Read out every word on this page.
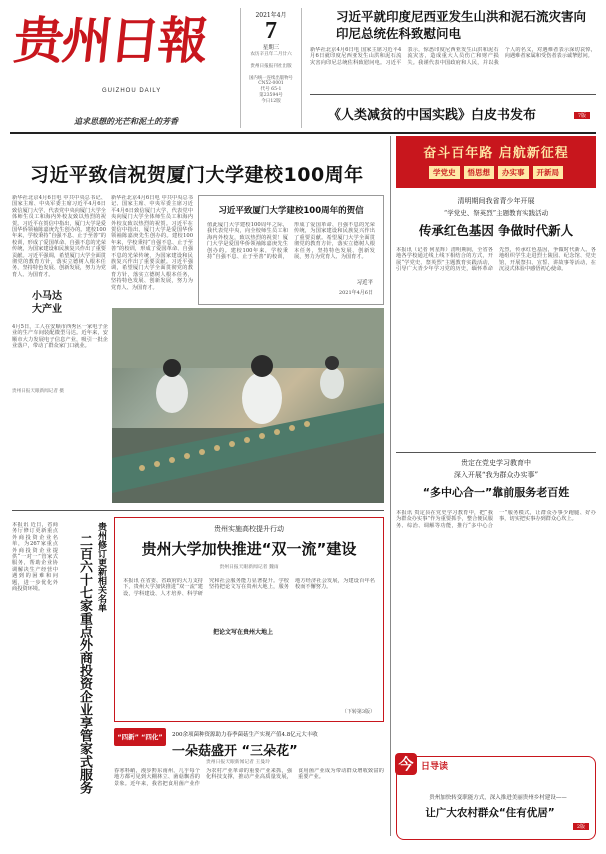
贵州日報
GUIZHOU DAILY
追求思想的光芒和泥土的芳香
2021年4月
7
星期三
农历辛丑年二月廿六
贵州日报报刊社出版
国内统一连续出版物号 CN52-0001
代号 65-1
第23594号
今日12版
习近平就印度尼西亚发生山洪和泥石流灾害向印尼总统佐科致慰问电
新华社北京4月6日电 国家主席习近平4月6日就印度尼西亚发生山洪和泥石流灾害向印尼总统佐科致慰问电。习近平表示，惊悉印度尼西亚发生山洪和泥石流灾害，造成重大人员伤亡和财产损失。我谨代表中国政府和人民，并以我个人的名义，对遇难者表示深切哀悼，向遇难者家属和受伤者表示诚挚慰问。
《人类减贫的中国实践》白皮书发布	7版
习近平致信祝贺厦门大学建校100周年
新华社北京4月6日电 中共中央总书记、国家主席、中央军委主席习近平4月6日致信厦门大学，代表党中央向厦门大学全体师生员工和海内外校友致以热烈的祝贺。习近平在贺信中指出，厦门大学是爱国华侨领袖陈嘉庚先生创办的。建校100年来，学校秉持“自强不息、止于至善”的校训，形成了爱国革命、自强不息的光荣传统，为国家建设和民族复兴作出了重要贡献。习近平强调，希望厦门大学全面贯彻党的教育方针，落实立德树人根本任务，坚持特色发展、创新发展，努力为党育人、为国育才。
新华社北京4月6日电 中共中央总书记、国家主席、中央军委主席习近平4月6日致信厦门大学，代表党中央向厦门大学全体师生员工和海内外校友致以热烈的祝贺。习近平在贺信中指出，厦门大学是爱国华侨领袖陈嘉庚先生创办的。建校100年来，学校秉持“自强不息、止于至善”的校训，形成了爱国革命、自强不息的光荣传统，为国家建设和民族复兴作出了重要贡献。习近平强调，希望厦门大学全面贯彻党的教育方针，落实立德树人根本任务，坚持特色发展、创新发展，努力为党育人、为国育才。
习近平致厦门大学建校100周年的贺信
值此厦门大学建校100周年之际，我代表党中央，向全校师生员工和海内外校友，致以热烈的祝贺！厦门大学是爱国华侨领袖陈嘉庚先生创办的。建校100年来，学校秉持“自强不息、止于至善”的校训，形成了爱国革命、自强不息的光荣传统，为国家建设和民族复兴作出了重要贡献。希望厦门大学全面贯彻党的教育方针，落实立德树人根本任务，坚持特色发展、创新发展，努力为党育人、为国育才。
习近平
2021年4月6日
小马达 大产业
4月5日，工人在安顺市西秀区一家电子企业的生产车间装配微型马达。近年来，安顺市大力发展电子信息产业，吸引一批企业落户，带动了群众家门口就业。
贵州日报天眼新闻记者 摄
奋斗百年路 启航新征程
学党史	悟思想	办实事	开新局
清明期间我省青少年开展
“学党史、祭英烈”主题教育实践活动
传承红色基因 争做时代新人
本报讯（记者 何星辉）清明期间，全省各地各学校通过线上线下相结合的方式，开展“学党史、祭英烈”主题教育实践活动，引导广大青少年学习党的历史，缅怀革命先烈，传承红色基因，争做时代新人。各地组织学生走进烈士陵园、纪念馆、党史馆，开展祭扫、宣誓、讲故事等活动，在沉浸式体验中感悟初心使命。
贵定在党史学习教育中
深入开展“我为群众办实事”
“多中心合一”靠前服务老百姓
本报讯 贵定县在党史学习教育中，把“我为群众办实事”作为重要抓手，整合便民服务、综治、调解等功能，推行“多中心合一”服务模式，让群众办事少跑腿、好办事，切实把实事办到群众心坎上。
今 日导读
贵州加快转变职能方式，深入推进美丽贵州乡村建设——
让广大农村群众“住有优居”
2版
贵州修订更新相关名单
二百六十七家重点外商投资企业享管家式服务
本报讯 近日，省商务厅修订更新重点外商投资企业名单，为267家重点外商投资企业提供“一对一”管家式服务，帮助企业协调解决生产经营中遇到的困难和问题，进一步优化外商投资环境。
贵州实施高校提升行动
贵州大学加快推进“双一流”建设
贵州日报天眼新闻记者 魏雨
本报讯 在省委、省政府的大力支持下，贵州大学加快推进“双一流”建设，学科建设、人才培养、科学研究和社会服务能力显著提升。学校坚持把论文写在贵州大地上，服务地方经济社会发展，为建设百年名校而不懈努力。
把论文写在贵州大地上
（下转第3版）
“四新” “四化”	200余项菌种资源助力春季菌菇生产实现产值4.8亿元大丰收
一朵菇盛开 “三朵花”
贵州日报天眼新闻记者 王曼玲
春寒料峭，漫步黔东南州，几乎每个地方都可见到大棚林立、菌菇飘香的景象。近年来，我省把食用菌产业作为农村产业革命的重要产业来抓，强化科技支撑，推动产业高质量发展，食用菌产业成为带动群众增收致富的重要产业。
